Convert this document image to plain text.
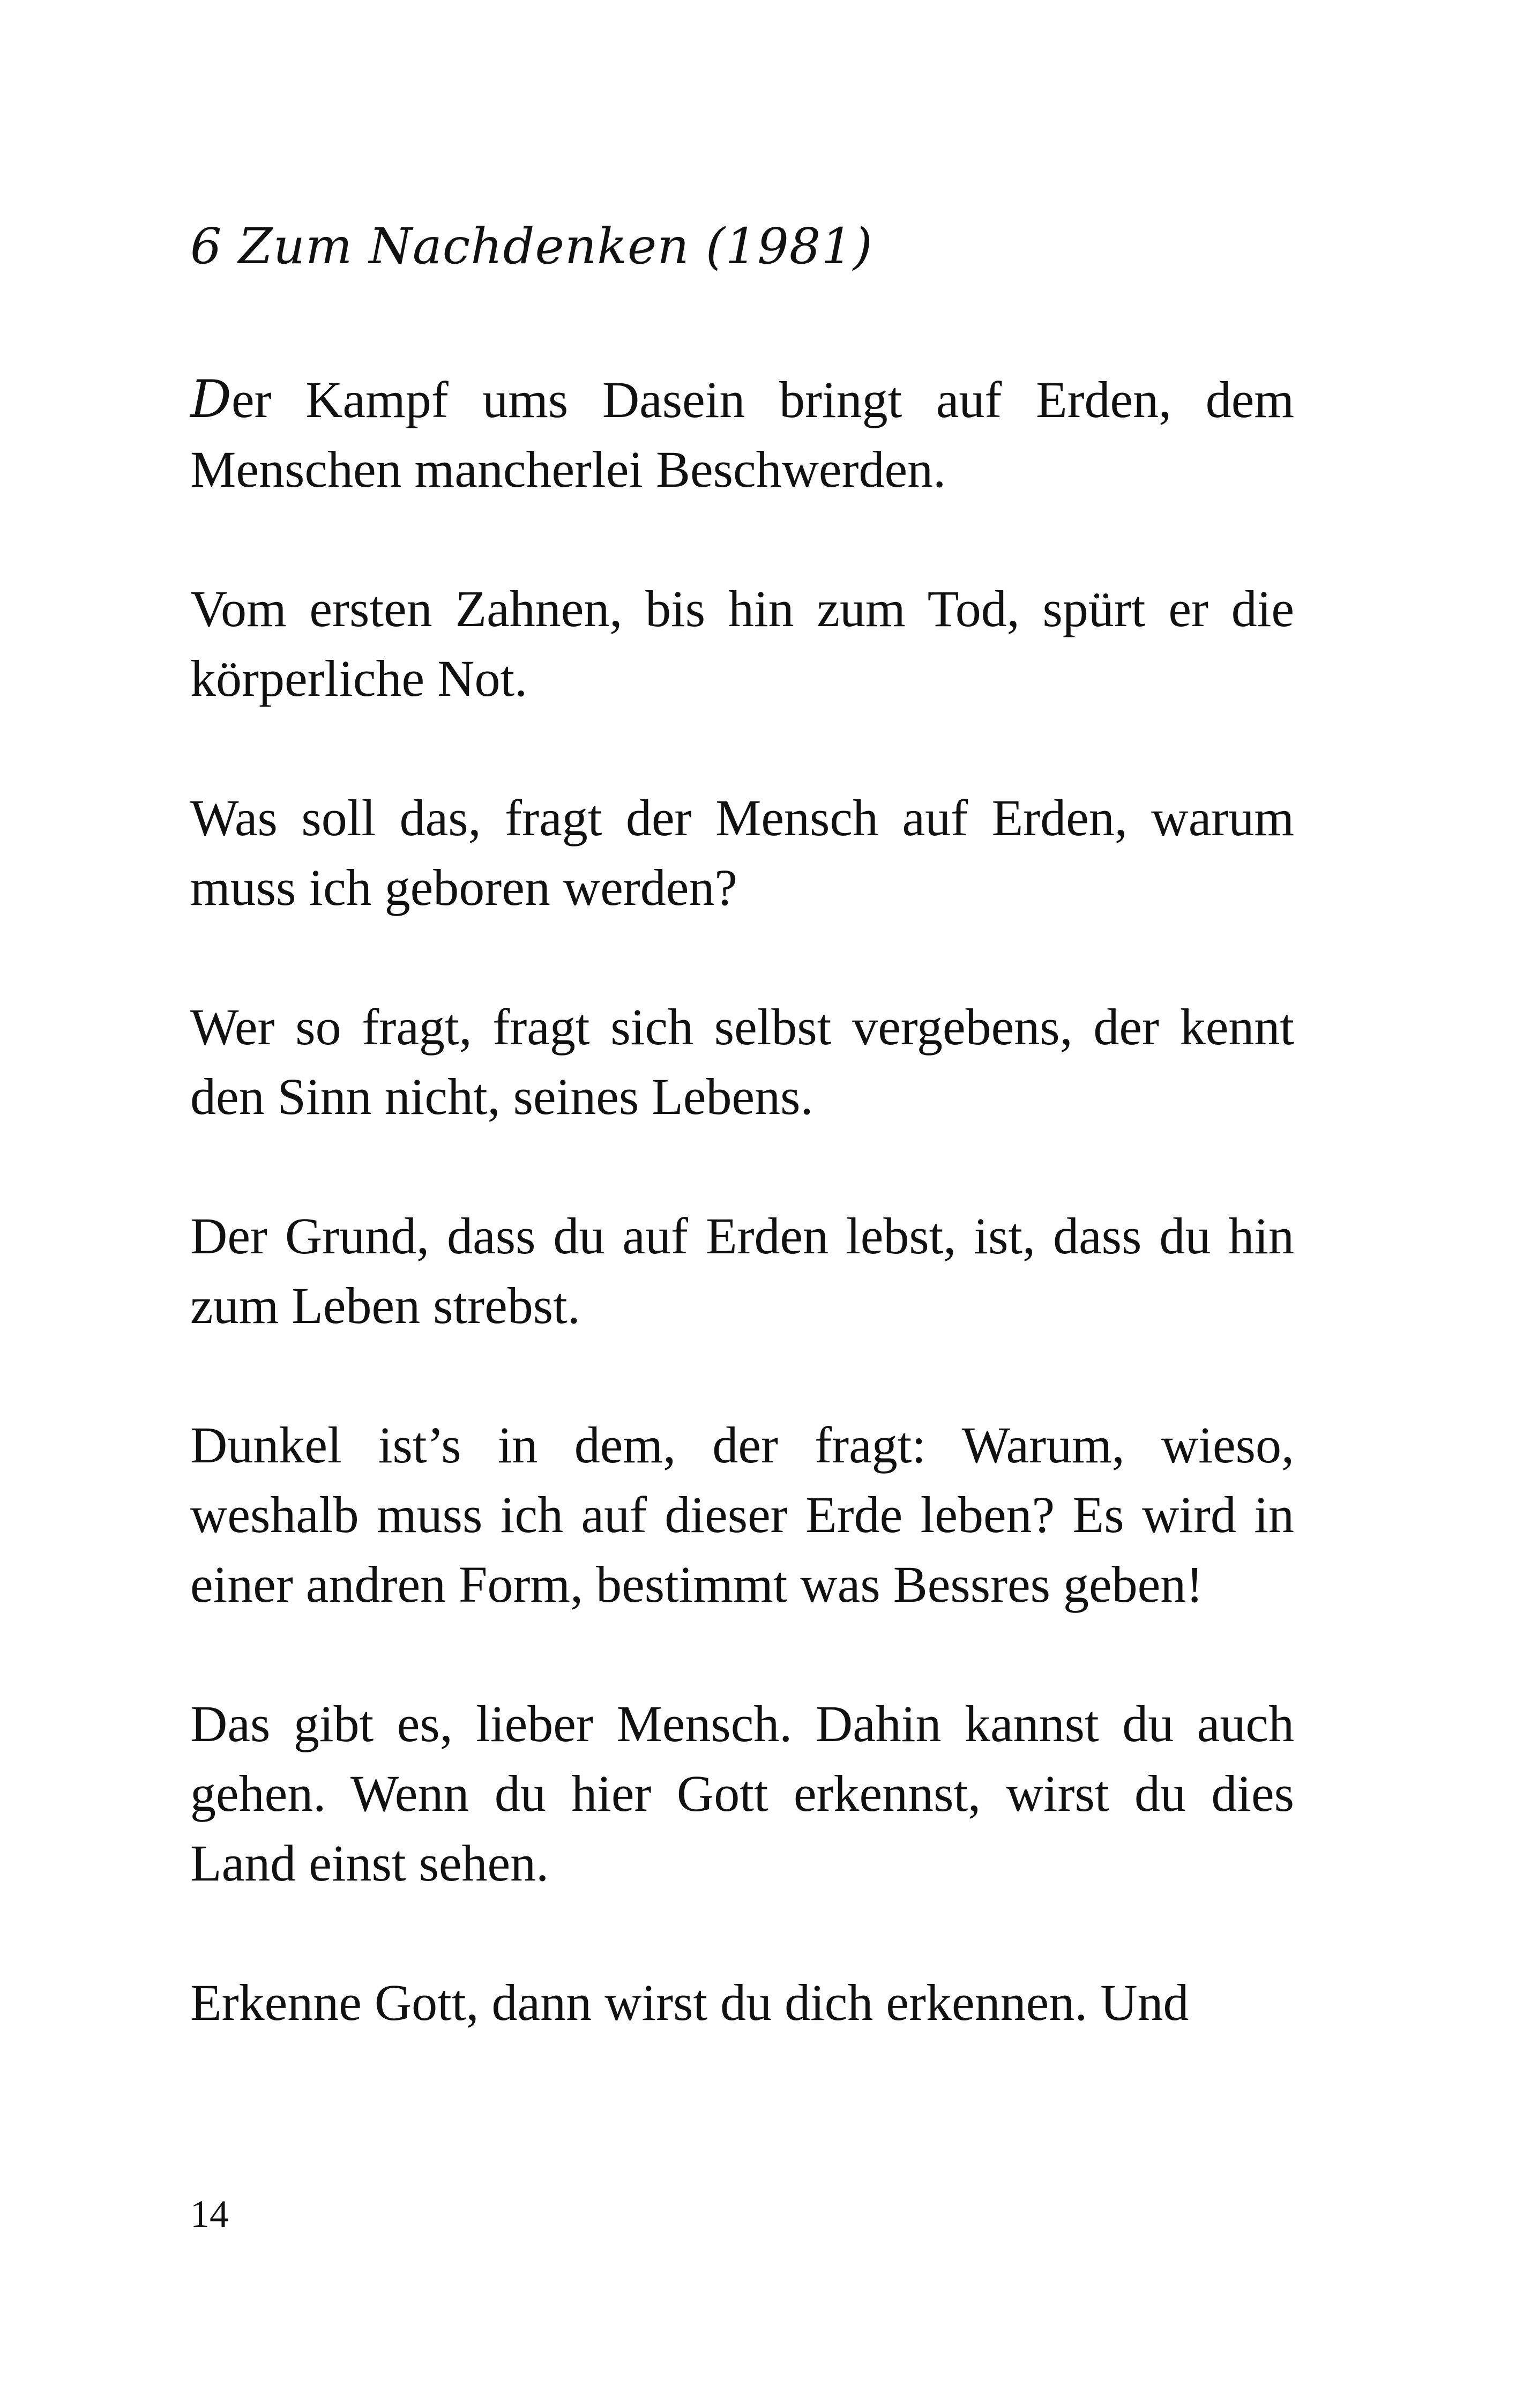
6 Zum Nachdenken (1981)

Der Kampf ums Dasein bringt auf Erden, dem Menschen mancherlei Beschwerden.

Vom ersten Zahnen, bis hin zum Tod, spürt er die körperliche Not.

Was soll das, fragt der Mensch auf Erden, warum muss ich geboren werden?

Wer so fragt, fragt sich selbst vergebens, der kennt den Sinn nicht, seines Lebens.

Der Grund, dass du auf Erden lebst, ist, dass du hin zum Leben strebst.

Dunkel ist’s in dem, der fragt: Warum, wieso, weshalb muss ich auf dieser Erde leben? Es wird in einer andren Form, bestimmt was Bessres geben!

Das gibt es, lieber Mensch. Dahin kannst du auch gehen. Wenn du hier Gott erkennst, wirst du dies Land einst sehen.

Erkenne Gott, dann wirst du dich erkennen. Und

14
